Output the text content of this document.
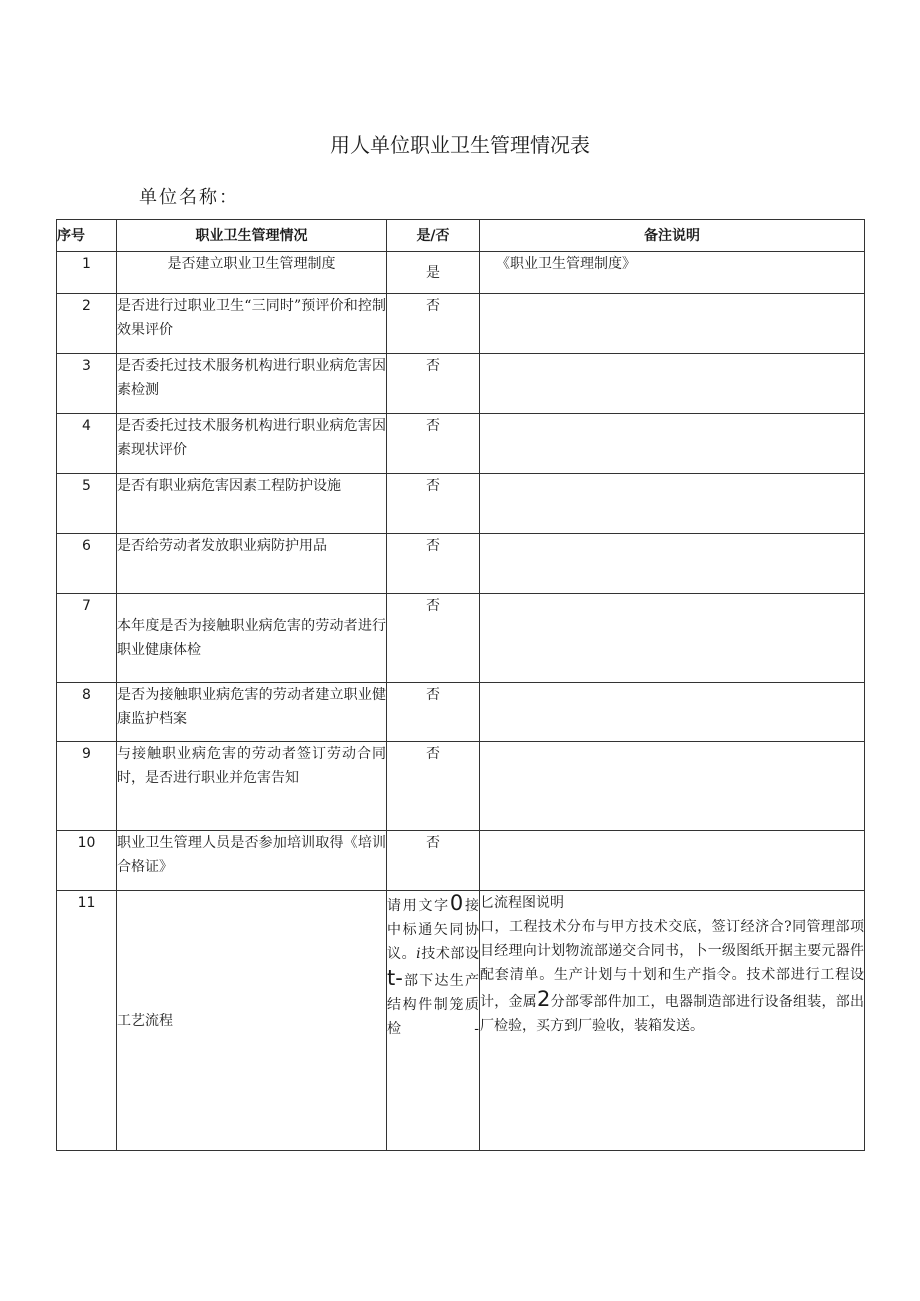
用人单位职业卫生管理情况表
单位名称：
序号	职业卫生管理情况	是/否	备注说明
1	是否建立职业卫生管理制度	是	《职业卫生管理制度》
2	是否进行过职业卫生“三同时”预评价和控制效果评价	否	
3	是否委托过技术服务机构进行职业病危害因素检测	否	
4	是否委托过技术服务机构进行职业病危害因素现状评价	否	
5	是否有职业病危害因素工程防护设施	否	
6	是否给劳动者发放职业病防护用品	否	
7	本年度是否为接触职业病危害的劳动者进行职业健康体检	否	
8	是否为接触职业病危害的劳动者建立职业健康监护档案	否	
9	与接触职业病危害的劳动者签订劳动合同时，是否进行职业并危害告知	否	
10	职业卫生管理人员是否参加培训取得《培训合格证》	否	
11	工艺流程	请用文字0接中标通矢同协议。i技术部设t-部下达生产结构件制笼质检-	匕流程图说明
口，工程技术分布与甲方技术交底，签订经济合?同管理部项目经理向计划物流部递交合同书，卜一级图纸开据主要元器件配套清单。生产计划与十划和生产指令。技术部进行工程设计，金属2分部零部件加工，电器制造部进行设备组装，部出厂检验，买方到厂验收，装箱发送。
